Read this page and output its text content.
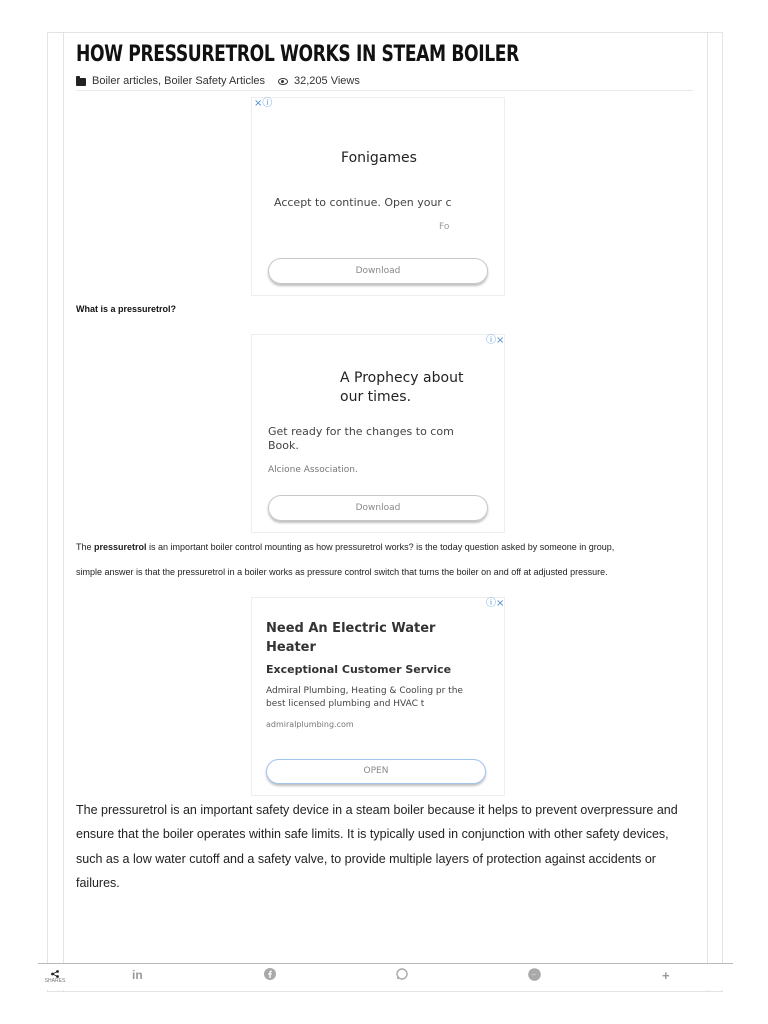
HOW PRESSURETROL WORKS IN STEAM BOILER
Boiler articles, Boiler Safety Articles	32,205 Views
×ⓘ
Fonigames
Accept to continue. Open your c
Fo
Download
What is a pressuretrol?
ⓘ×
A Prophecy about our times.
Get ready for the changes to com Book.
Alcione Association.
Download
The pressuretrol is an important boiler control mounting as how pressuretrol works? is the today question asked by someone in group,
simple answer is that the pressuretrol in a boiler works as pressure control switch that turns the boiler on and off at adjusted pressure.
ⓘ×
Need An Electric Water Heater
Exceptional Customer Service
Admiral Plumbing, Heating & Cooling pr the best licensed plumbing and HVAC t
admiralplumbing.com
OPEN

The pressuretrol is an important safety device in a steam boiler because it helps to prevent overpressure and ensure that the boiler operates within safe limits. It is typically used in conjunction with other safety devices, such as a low water cutoff and a safety valve, to provide multiple layers of protection against accidents or failures.

SHARES	in	+
